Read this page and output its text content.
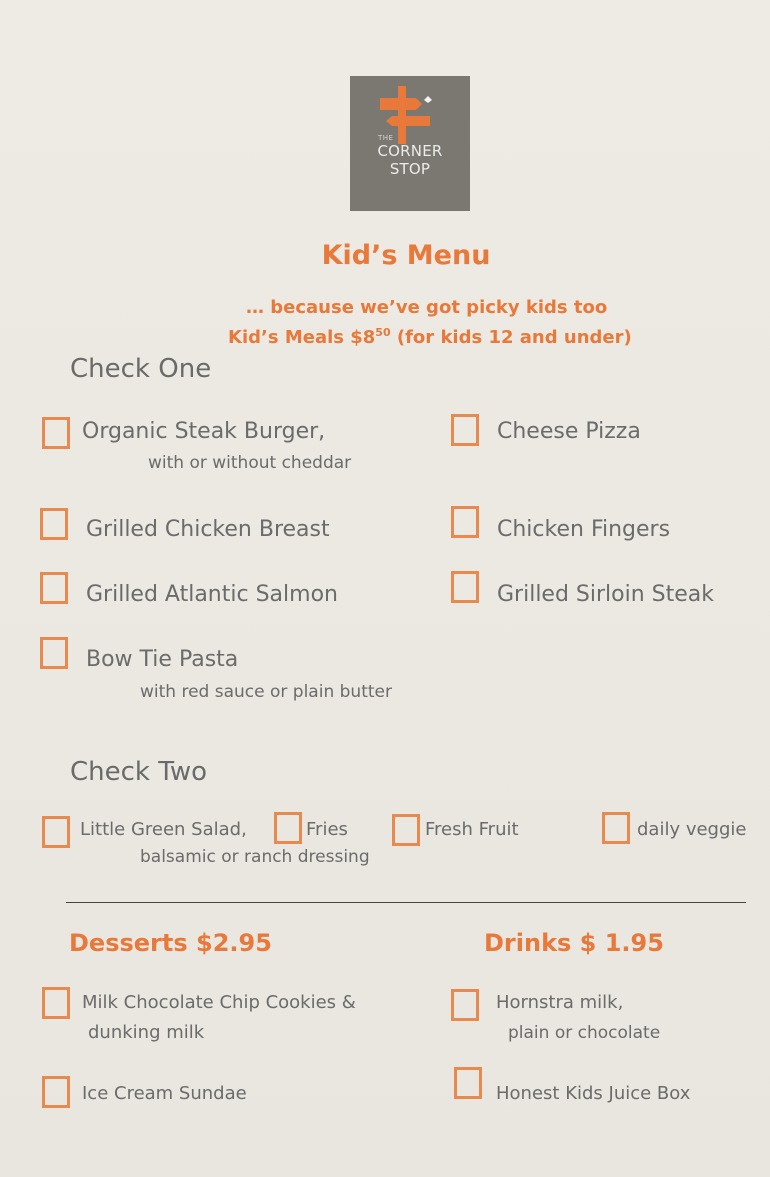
THE
CORNER
STOP
Kid’s Menu
… because we’ve got picky kids too
Kid’s Meals $\$8^{50}$ (for kids 12 and under)
Check One
Organic Steak Burger,
with or without cheddar
Cheese Pizza
Grilled Chicken Breast	Chicken Fingers
Grilled Atlantic Salmon	Grilled Sirloin Steak
Bow Tie Pasta
with red sauce or plain butter
Check Two
Little Green Salad,
balsamic or ranch dressing
Fries	Fresh Fruit	daily veggie
Desserts $2.95
Milk Chocolate Chip Cookies &
dunking milk
Ice Cream Sundae
Drinks $ 1.95
Hornstra milk,
plain or chocolate
Honest Kids Juice Box
